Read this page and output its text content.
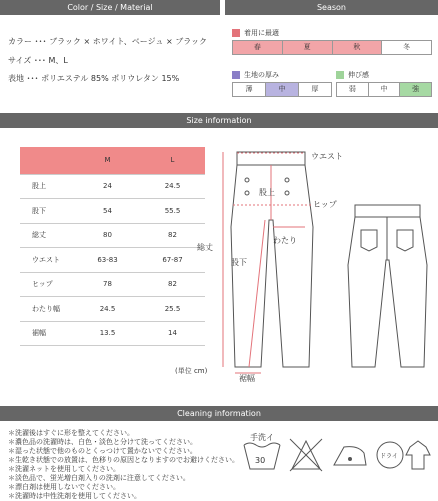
Color / Size / Material	Season
カラー ･･･ ブラック × ホワイト、ベージュ × ブラック
サイズ ･･･ M、L
表地 ･･･ ポリエステル 85% ポリウレタン 15%
着用に最適
春	夏	秋	冬
生地の厚み
薄	中	厚
伸び感
弱	中	強
Size information
	M	L
股上	24	24.5
股下	54	55.5
総丈	80	82
ウエスト	63-83	67-87
ヒップ	78	82
わたり幅	24.5	25.5
裾幅	13.5	14
(単位 cm)
ウエスト
股上
ヒップ
わたり
総丈
股下
裾幅
Cleaning information
＊洗濯後はすぐに形を整えてください。
＊濃色品の洗濯時は、白色・淡色と分けて洗ってください。
＊湿った状態で他のものとくっつけて置かないでください。
＊生乾き状態での放置は、色移りの原因となりますのでお避けください。
＊洗濯ネットを使用してください。
＊淡色品で、蛍光増白剤入りの洗剤に注意してください。
＊漂白剤は使用しないでください。
＊洗濯時は中性洗剤を使用してください。
手洗イ
30	ドライ
